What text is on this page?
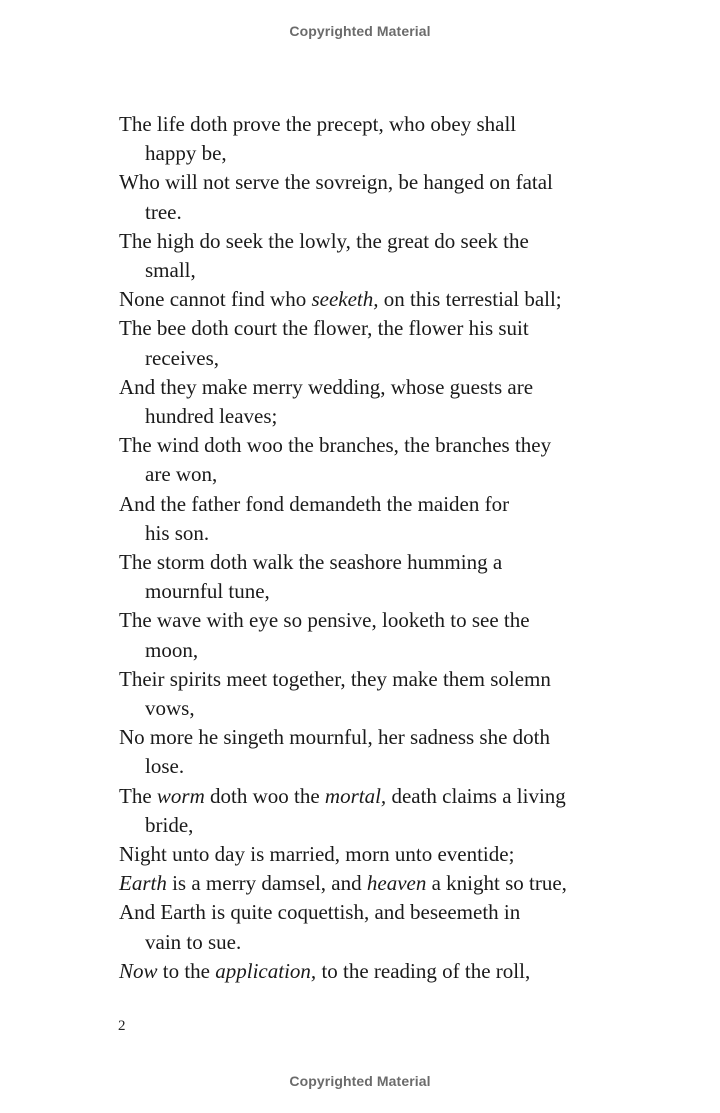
Copyrighted Material

The life doth prove the precept, who obey shall

happy be,

Who will not serve the sovreign, be hanged on fatal

tree.

The high do seek the lowly, the great do seek the

small,

None cannot find who seeketh, on this terrestial ball;

The bee doth court the flower, the flower his suit

receives,

And they make merry wedding, whose guests are

hundred leaves;

The wind doth woo the branches, the branches they

are won,

And the father fond demandeth the maiden for

his son.

The storm doth walk the seashore humming a

mournful tune,

The wave with eye so pensive, looketh to see the

moon,

Their spirits meet together, they make them solemn

vows,

No more he singeth mournful, her sadness she doth

lose.

The worm doth woo the mortal, death claims a living

bride,

Night unto day is married, morn unto eventide;

Earth is a merry damsel, and heaven a knight so true,

And Earth is quite coquettish, and beseemeth in

vain to sue.

Now to the application, to the reading of the roll,

2
Copyrighted Material
